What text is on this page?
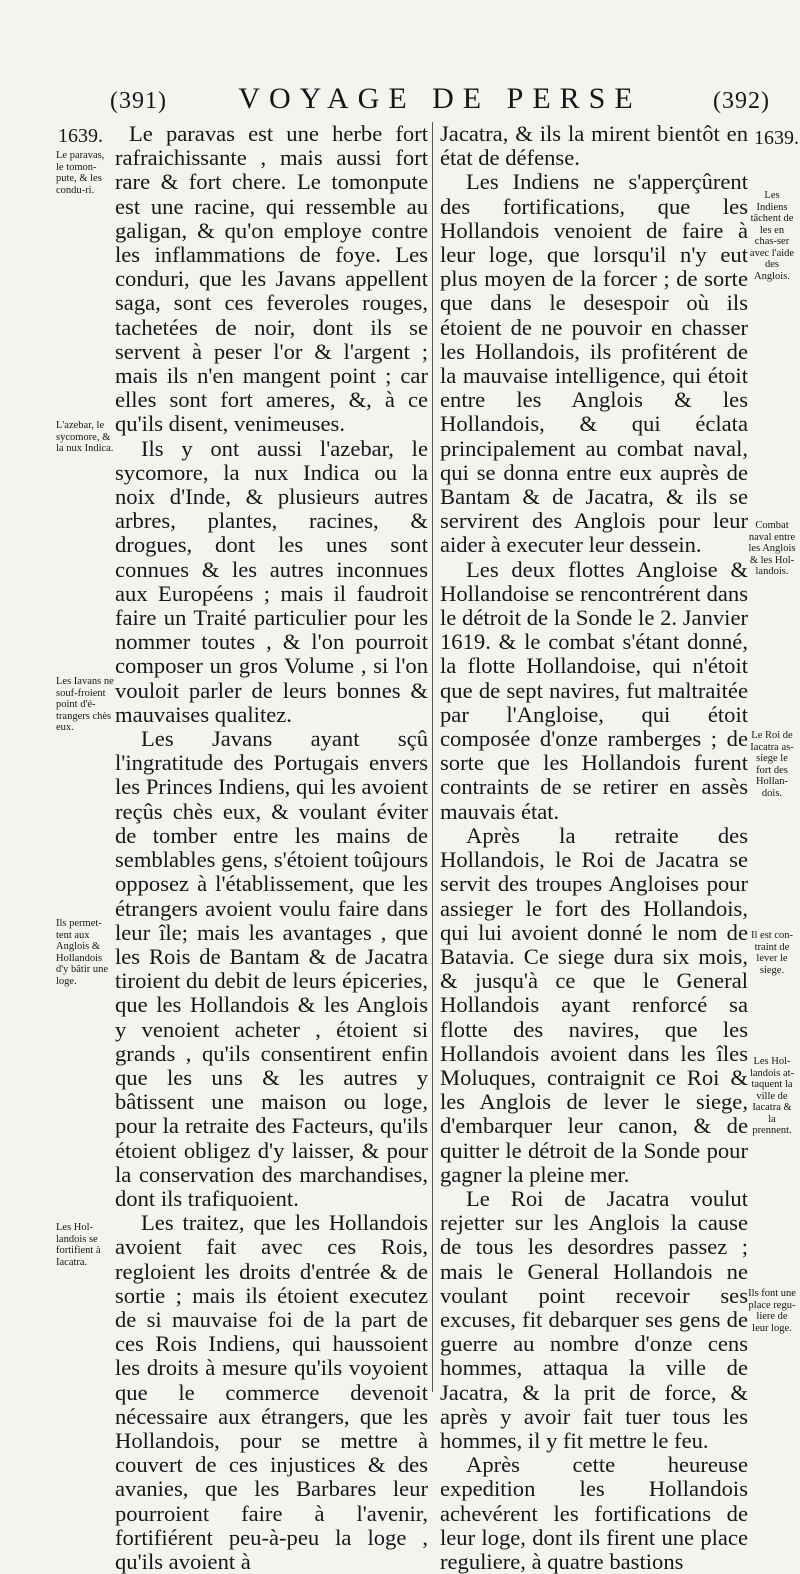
(391)	VOYAGE DE PERSE	(392)
1639.	1639.
Le paravas, le tomon-pute, & les condu-ri.
L'azebar, le sycomore, & la nux Indica.
Les Iavans ne souf-froient point d'é-trangers chès eux.
Ils permet-tent aux Anglois & Hollandois d'y bâtir une loge.
Les Hol-landois se fortifient à Iacatra.
Les Indiens tâchent de les en chas-ser avec l'aide des Anglois.
Combat naval entre les Anglois & les Hol-landois.
Le Roi de Iacatra as-siege le fort des Hollan-dois.
Il est con-traint de lever le siege.
Les Hol-landois at-taquent la ville de Iacatra & la prennent.
Ils font une place regu-liere de leur loge.

Le paravas est une herbe fort rafraichissante , mais aussi fort rare & fort chere. Le tomonpute est une racine, qui ressemble au galigan, & qu'on employe contre les inflammations de foye. Les conduri, que les Javans appellent saga, sont ces feveroles rouges, tachetées de noir, dont ils se servent à peser l'or & l'argent ; mais ils n'en mangent point ; car elles sont fort ameres, &, à ce qu'ils disent, venimeuses.

Ils y ont aussi l'azebar, le sycomore, la nux Indica ou la noix d'Inde, & plusieurs autres arbres, plantes, racines, & drogues, dont les unes sont connues & les autres inconnues aux Européens ; mais il faudroit faire un Traité particulier pour les nommer toutes , & l'on pourroit composer un gros Volume , si l'on vouloit parler de leurs bonnes & mauvaises qualitez.

Les Javans ayant sçû l'ingratitude des Portugais envers les Princes Indiens, qui les avoient reçûs chès eux, & voulant éviter de tomber entre les mains de semblables gens, s'étoient toûjours opposez à l'établissement, que les étrangers avoient voulu faire dans leur île; mais les avantages , que les Rois de Bantam & de Jacatra tiroient du debit de leurs épiceries, que les Hollandois & les Anglois y venoient acheter , étoient si grands , qu'ils consentirent enfin que les uns & les autres y bâtissent une maison ou loge, pour la retraite des Facteurs, qu'ils étoient obligez d'y laisser, & pour la conservation des marchandises, dont ils trafiquoient.

Les traitez, que les Hollandois avoient fait avec ces Rois, regloient les droits d'entrée & de sortie ; mais ils étoient executez de si mauvaise foi de la part de ces Rois Indiens, qui haussoient les droits à mesure qu'ils voyoient que le commerce devenoit nécessaire aux étrangers, que les Hollandois, pour se mettre à couvert de ces injustices & des avanies, que les Barbares leur pourroient faire à l'avenir, fortifiérent peu-à-peu la loge , qu'ils avoient à

Jacatra, & ils la mirent bientôt en état de défense.

Les Indiens ne s'apperçûrent des fortifications, que les Hollandois venoient de faire à leur loge, que lorsqu'il n'y eut plus moyen de la forcer ; de sorte que dans le desespoir où ils étoient de ne pouvoir en chasser les Hollandois, ils profitérent de la mauvaise intelligence, qui étoit entre les Anglois & les Hollandois, & qui éclata principalement au combat naval, qui se donna entre eux auprès de Bantam & de Jacatra, & ils se servirent des Anglois pour leur aider à executer leur dessein.

Les deux flottes Angloise & Hollandoise se rencontrérent dans le détroit de la Sonde le 2. Janvier 1619. & le combat s'étant donné, la flotte Hollandoise, qui n'étoit que de sept navires, fut maltraitée par l'Angloise, qui étoit composée d'onze ramberges ; de sorte que les Hollandois furent contraints de se retirer en assès mauvais état.

Après la retraite des Hollandois, le Roi de Jacatra se servit des troupes Angloises pour assieger le fort des Hollandois, qui lui avoient donné le nom de Batavia. Ce siege dura six mois, & jusqu'à ce que le General Hollandois ayant renforcé sa flotte des navires, que les Hollandois avoient dans les îles Moluques, contraignit ce Roi & les Anglois de lever le siege, d'embarquer leur canon, & de quitter le détroit de la Sonde pour gagner la pleine mer.

Le Roi de Jacatra voulut rejetter sur les Anglois la cause de tous les desordres passez ; mais le General Hollandois ne voulant point recevoir ses excuses, fit debarquer ses gens de guerre au nombre d'onze cens hommes, attaqua la ville de Jacatra, & la prit de force, & après y avoir fait tuer tous les hommes, il y fit mettre le feu.

Après cette heureuse expedition les Hollandois achevérent les fortifications de leur loge, dont ils firent une place reguliere, à quatre bastions
